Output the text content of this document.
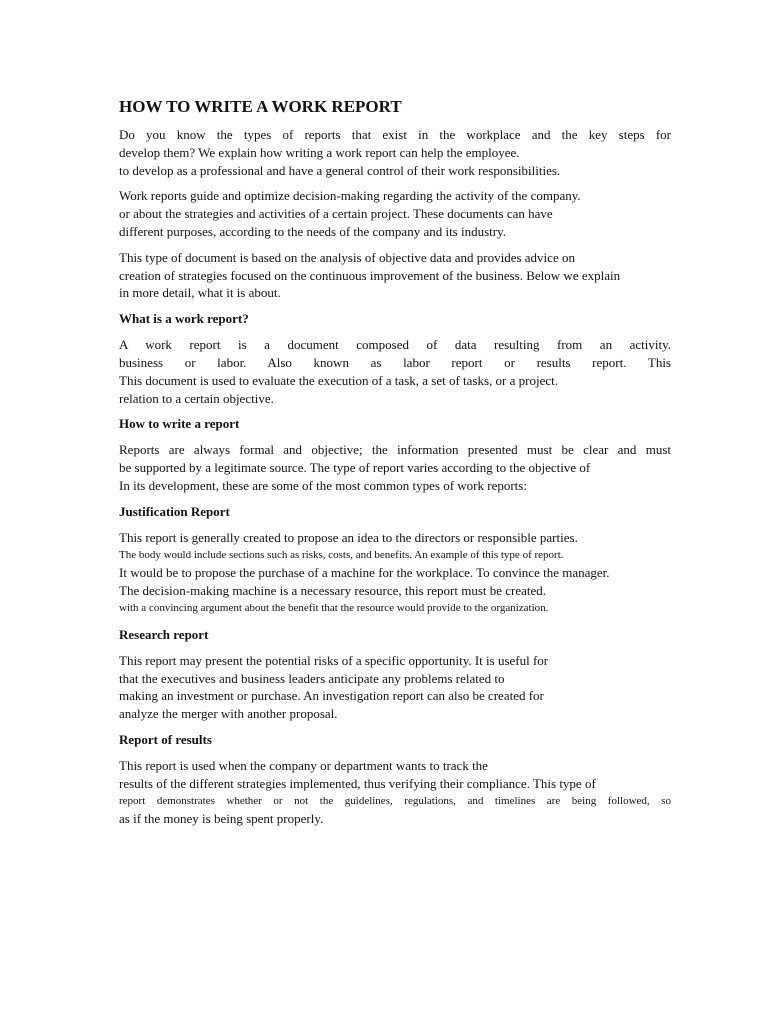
HOW TO WRITE A WORK REPORT
Do you know the types of reports that exist in the workplace and the key steps for
develop them? We explain how writing a work report can help the employee.
to develop as a professional and have a general control of their work responsibilities.
Work reports guide and optimize decision-making regarding the activity of the company.
or about the strategies and activities of a certain project. These documents can have
different purposes, according to the needs of the company and its industry.
This type of document is based on the analysis of objective data and provides advice on
creation of strategies focused on the continuous improvement of the business. Below we explain
in more detail, what it is about.
What is a work report?
A work report is a document composed of data resulting from an activity.
business or labor. Also known as labor report or results report. This
This document is used to evaluate the execution of a task, a set of tasks, or a project.
relation to a certain objective.
How to write a report
Reports are always formal and objective; the information presented must be clear and must
be supported by a legitimate source. The type of report varies according to the objective of
In its development, these are some of the most common types of work reports:
Justification Report
This report is generally created to propose an idea to the directors or responsible parties.
The body would include sections such as risks, costs, and benefits. An example of this type of report.
It would be to propose the purchase of a machine for the workplace. To convince the manager.
The decision-making machine is a necessary resource, this report must be created.
with a convincing argument about the benefit that the resource would provide to the organization.
Research report
This report may present the potential risks of a specific opportunity. It is useful for
that the executives and business leaders anticipate any problems related to
making an investment or purchase. An investigation report can also be created for
analyze the merger with another proposal.
Report of results
This report is used when the company or department wants to track the
results of the different strategies implemented, thus verifying their compliance. This type of
report demonstrates whether or not the guidelines, regulations, and timelines are being followed, so
as if the money is being spent properly.
